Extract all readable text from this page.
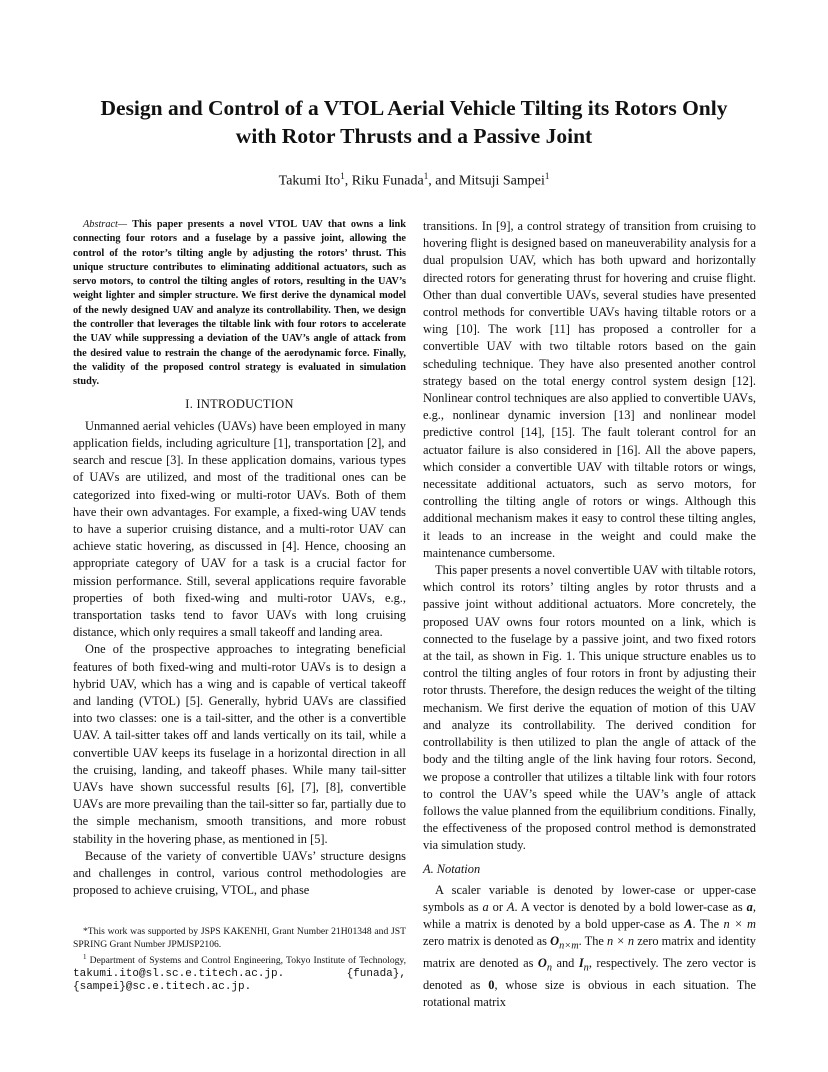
Design and Control of a VTOL Aerial Vehicle Tilting its Rotors Only
with Rotor Thrusts and a Passive Joint
Takumi Ito$^1$, Riku Funada$^1$, and Mitsuji Sampei$^1$

Abstract— This paper presents a novel VTOL UAV that owns a link connecting four rotors and a fuselage by a passive joint, allowing the control of the rotor’s tilting angle by adjusting the rotors’ thrust. This unique structure contributes to eliminating additional actuators, such as servo motors, to control the tilting angles of rotors, resulting in the UAV’s weight lighter and simpler structure. We first derive the dynamical model of the newly designed UAV and analyze its controllability. Then, we design the controller that leverages the tiltable link with four rotors to accelerate the UAV while suppressing a deviation of the UAV’s angle of attack from the desired value to restrain the change of the aerodynamic force. Finally, the validity of the proposed control strategy is evaluated in simulation study.

I. INTRODUCTION

Unmanned aerial vehicles (UAVs) have been employed in many application fields, including agriculture [1], transportation [2], and search and rescue [3]. In these application domains, various types of UAVs are utilized, and most of the traditional ones can be categorized into fixed-wing or multi-rotor UAVs. Both of them have their own advantages. For example, a fixed-wing UAV tends to have a superior cruising distance, and a multi-rotor UAV can achieve static hovering, as discussed in [4]. Hence, choosing an appropriate category of UAV for a task is a crucial factor for mission performance. Still, several applications require favorable properties of both fixed-wing and multi-rotor UAVs, e.g., transportation tasks tend to favor UAVs with long cruising distance, which only requires a small takeoff and landing area.

One of the prospective approaches to integrating beneficial features of both fixed-wing and multi-rotor UAVs is to design a hybrid UAV, which has a wing and is capable of vertical takeoff and landing (VTOL) [5]. Generally, hybrid UAVs are classified into two classes: one is a tail-sitter, and the other is a convertible UAV. A tail-sitter takes off and lands vertically on its tail, while a convertible UAV keeps its fuselage in a horizontal direction in all the cruising, landing, and takeoff phases. While many tail-sitter UAVs have shown successful results [6], [7], [8], convertible UAVs are more prevailing than the tail-sitter so far, partially due to the simple mechanism, smooth transitions, and more robust stability in the hovering phase, as mentioned in [5].

Because of the variety of convertible UAVs’ structure designs and challenges in control, various control methodologies are proposed to achieve cruising, VTOL, and phase

*This work was supported by JSPS KAKENHI, Grant Number 21H01348 and JST SPRING Grant Number JPMJSP2106.

$^1$ Department of Systems and Control Engineering, Tokyo Institute of Technology, takumi.ito@sl.sc.e.titech.ac.jp.	{funada},{sampei}@sc.e.titech.ac.jp.

transitions. In [9], a control strategy of transition from cruising to hovering flight is designed based on maneuverability analysis for a dual propulsion UAV, which has both upward and horizontally directed rotors for generating thrust for hovering and cruise flight. Other than dual convertible UAVs, several studies have presented control methods for convertible UAVs having tiltable rotors or a wing [10]. The work [11] has proposed a controller for a convertible UAV with two tiltable rotors based on the gain scheduling technique. They have also presented another control strategy based on the total energy control system design [12]. Nonlinear control techniques are also applied to convertible UAVs, e.g., nonlinear dynamic inversion [13] and nonlinear model predictive control [14], [15]. The fault tolerant control for an actuator failure is also considered in [16]. All the above papers, which consider a convertible UAV with tiltable rotors or wings, necessitate additional actuators, such as servo motors, for controlling the tilting angle of rotors or wings. Although this additional mechanism makes it easy to control these tilting angles, it leads to an increase in the weight and could make the maintenance cumbersome.

This paper presents a novel convertible UAV with tiltable rotors, which control its rotors’ tilting angles by rotor thrusts and a passive joint without additional actuators. More concretely, the proposed UAV owns four rotors mounted on a link, which is connected to the fuselage by a passive joint, and two fixed rotors at the tail, as shown in Fig. 1. This unique structure enables us to control the tilting angles of four rotors in front by adjusting their rotor thrusts. Therefore, the design reduces the weight of the tilting mechanism. We first derive the equation of motion of this UAV and analyze its controllability. The derived condition for controllability is then utilized to plan the angle of attack of the body and the tilting angle of the link having four rotors. Second, we propose a controller that utilizes a tiltable link with four rotors to control the UAV’s speed while the UAV’s angle of attack follows the value planned from the equilibrium conditions. Finally, the effectiveness of the proposed control method is demonstrated via simulation study.

A. Notation

A scaler variable is denoted by lower-case or upper-case symbols as a or A. A vector is denoted by a bold lower-case as a, while a matrix is denoted by a bold upper-case as A. The n × m zero matrix is denoted as $O_{n\times m}$. The n × n zero matrix and identity matrix are denoted as $O_n$ and $I_n$, respectively. The zero vector is denoted as 0, whose size is obvious in each situation. The rotational matrix
